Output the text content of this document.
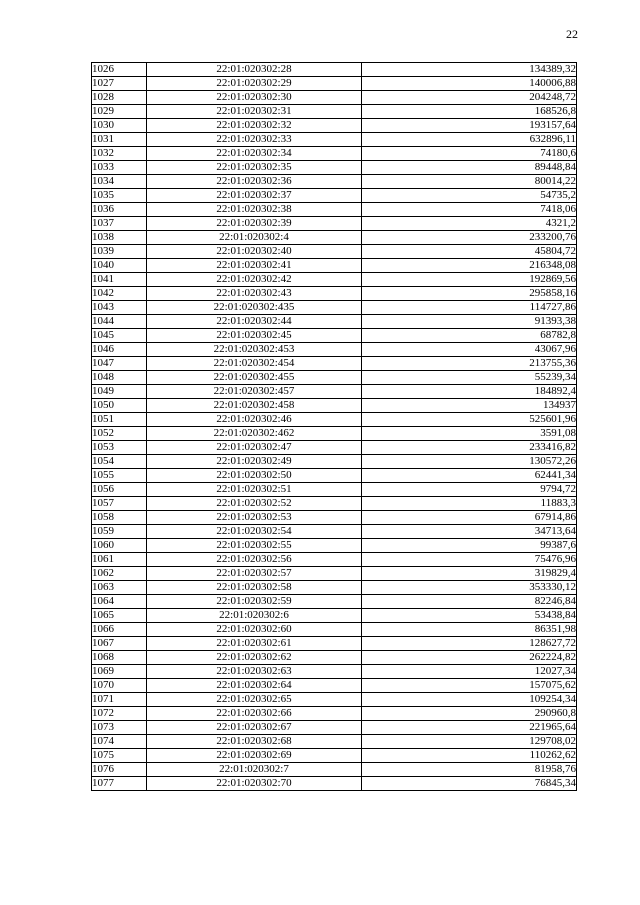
22
1026	22:01:020302:28	134389,32
1027	22:01:020302:29	140006,88
1028	22:01:020302:30	204248,72
1029	22:01:020302:31	168526,8
1030	22:01:020302:32	193157,64
1031	22:01:020302:33	632896,11
1032	22:01:020302:34	74180,6
1033	22:01:020302:35	89448,84
1034	22:01:020302:36	80014,22
1035	22:01:020302:37	54735,2
1036	22:01:020302:38	7418,06
1037	22:01:020302:39	4321,2
1038	22:01:020302:4	233200,76
1039	22:01:020302:40	45804,72
1040	22:01:020302:41	216348,08
1041	22:01:020302:42	192869,56
1042	22:01:020302:43	295858,16
1043	22:01:020302:435	114727,86
1044	22:01:020302:44	91393,38
1045	22:01:020302:45	68782,8
1046	22:01:020302:453	43067,96
1047	22:01:020302:454	213755,36
1048	22:01:020302:455	55239,34
1049	22:01:020302:457	184892,4
1050	22:01:020302:458	134937
1051	22:01:020302:46	525601,96
1052	22:01:020302:462	3591,08
1053	22:01:020302:47	233416,82
1054	22:01:020302:49	130572,26
1055	22:01:020302:50	62441,34
1056	22:01:020302:51	9794,72
1057	22:01:020302:52	11883,3
1058	22:01:020302:53	67914,86
1059	22:01:020302:54	34713,64
1060	22:01:020302:55	99387,6
1061	22:01:020302:56	75476,96
1062	22:01:020302:57	319829,4
1063	22:01:020302:58	353330,12
1064	22:01:020302:59	82246,84
1065	22:01:020302:6	53438,84
1066	22:01:020302:60	86351,98
1067	22:01:020302:61	128627,72
1068	22:01:020302:62	262224,82
1069	22:01:020302:63	12027,34
1070	22:01:020302:64	157075,62
1071	22:01:020302:65	109254,34
1072	22:01:020302:66	290960,8
1073	22:01:020302:67	221965,64
1074	22:01:020302:68	129708,02
1075	22:01:020302:69	110262,62
1076	22:01:020302:7	81958,76
1077	22:01:020302:70	76845,34
